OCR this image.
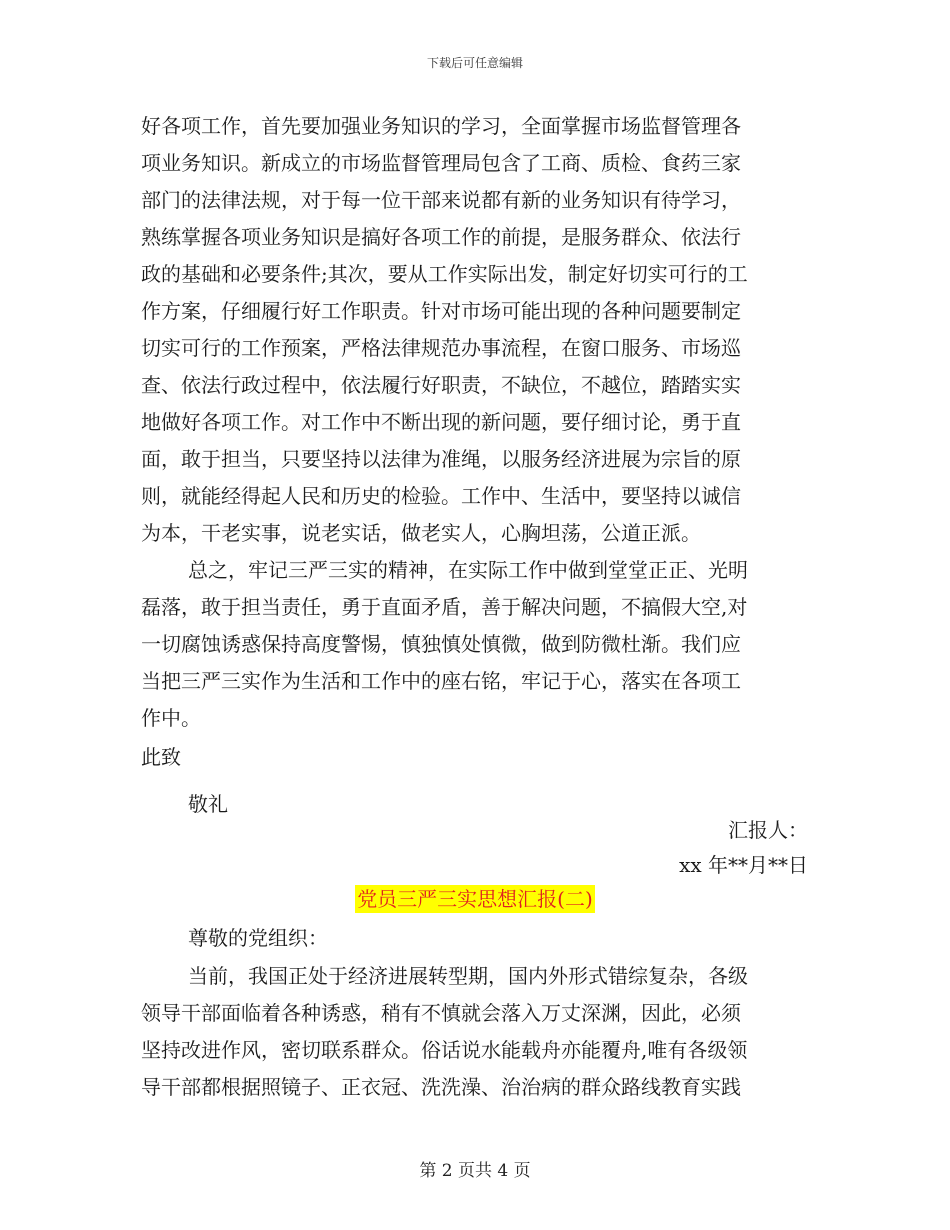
下载后可任意编辑
好各项工作，首先要加强业务知识的学习，全面掌握市场监督管理各
项业务知识。新成立的市场监督管理局包含了工商、质检、食药三家
部门的法律法规，对于每一位干部来说都有新的业务知识有待学习，
熟练掌握各项业务知识是搞好各项工作的前提，是服务群众、依法行
政的基础和必要条件;其次，要从工作实际出发，制定好切实可行的工
作方案，仔细履行好工作职责。针对市场可能出现的各种问题要制定
切实可行的工作预案，严格法律规范办事流程，在窗口服务、市场巡
查、依法行政过程中，依法履行好职责，不缺位，不越位，踏踏实实
地做好各项工作。对工作中不断出现的新问题，要仔细讨论，勇于直
面，敢于担当，只要坚持以法律为准绳，以服务经济进展为宗旨的原
则，就能经得起人民和历史的检验。工作中、生活中，要坚持以诚信
为本，干老实事，说老实话，做老实人，心胸坦荡，公道正派。
总之，牢记三严三实的精神，在实际工作中做到堂堂正正、光明
磊落，敢于担当责任，勇于直面矛盾，善于解决问题，不搞假大空,对
一切腐蚀诱惑保持高度警惕，慎独慎处慎微，做到防微杜渐。我们应
当把三严三实作为生活和工作中的座右铭，牢记于心，落实在各项工
作中。
此致
敬礼
汇报人：
xx 年**月**日
党员三严三实思想汇报(二)
尊敬的党组织：
当前，我国正处于经济进展转型期，国内外形式错综复杂，各级
领导干部面临着各种诱惑，稍有不慎就会落入万丈深渊，因此，必须
坚持改进作风，密切联系群众。俗话说水能载舟亦能覆舟,唯有各级领
导干部都根据照镜子、正衣冠、洗洗澡、治治病的群众路线教育实践
第 2 页共 4 页
